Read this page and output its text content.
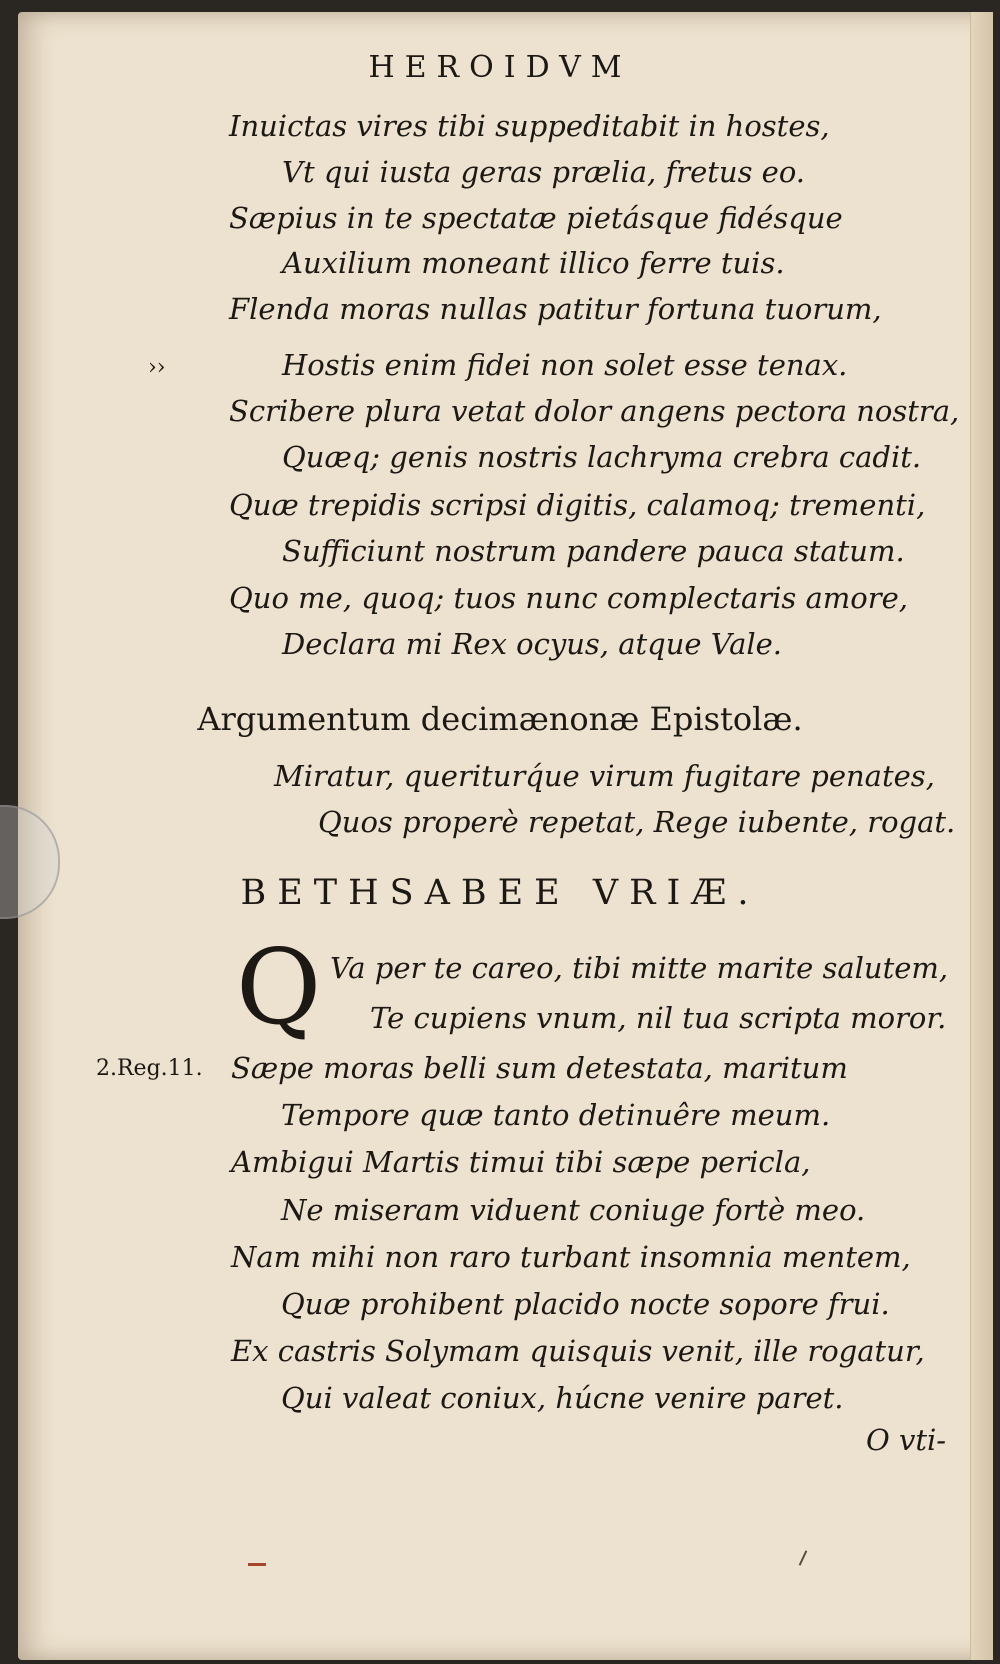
HEROIDVM

Inuictas vires tibi suppeditabit in hostes,

Vt qui iusta geras prælia, fretus eo.

Sæpius in te spectatæ pietásque fidésque

Auxilium moneant illico ferre tuis.

Flenda moras nullas patitur fortuna tuorum,

Hostis enim fidei non solet esse tenax.

Scribere plura vetat dolor angens pectora nostra,

Quæq; genis nostris lachryma crebra cadit.

Quæ trepidis scripsi digitis, calamoq; trementi,

Sufficiunt nostrum pandere pauca statum.

Quo me, quoq; tuos nunc complectaris amore,

Declara mi Rex ocyus, atque Vale.

››

Argumentum decimænonæ Epistolæ.

Miratur, queriturq́ue virum fugitare penates,

Quos properè repetat, Rege iubente, rogat.

BETHSABEE VRIÆ.

Q Va per te careo, tibi mitte marite salutem,

Te cupiens vnum, nil tua scripta moror.

Sæpe moras belli sum detestata, maritum

Tempore quæ tanto detinuêre meum.

Ambigui Martis timui tibi sæpe pericla,

Ne miseram viduent coniuge fortè meo.

Nam mihi non raro turbant insomnia mentem,

Quæ prohibent placido nocte sopore frui.

Ex castris Solymam quisquis venit, ille rogatur,

Qui valeat coniux, húcne venire paret.

2.Reg.11.

O vti-
